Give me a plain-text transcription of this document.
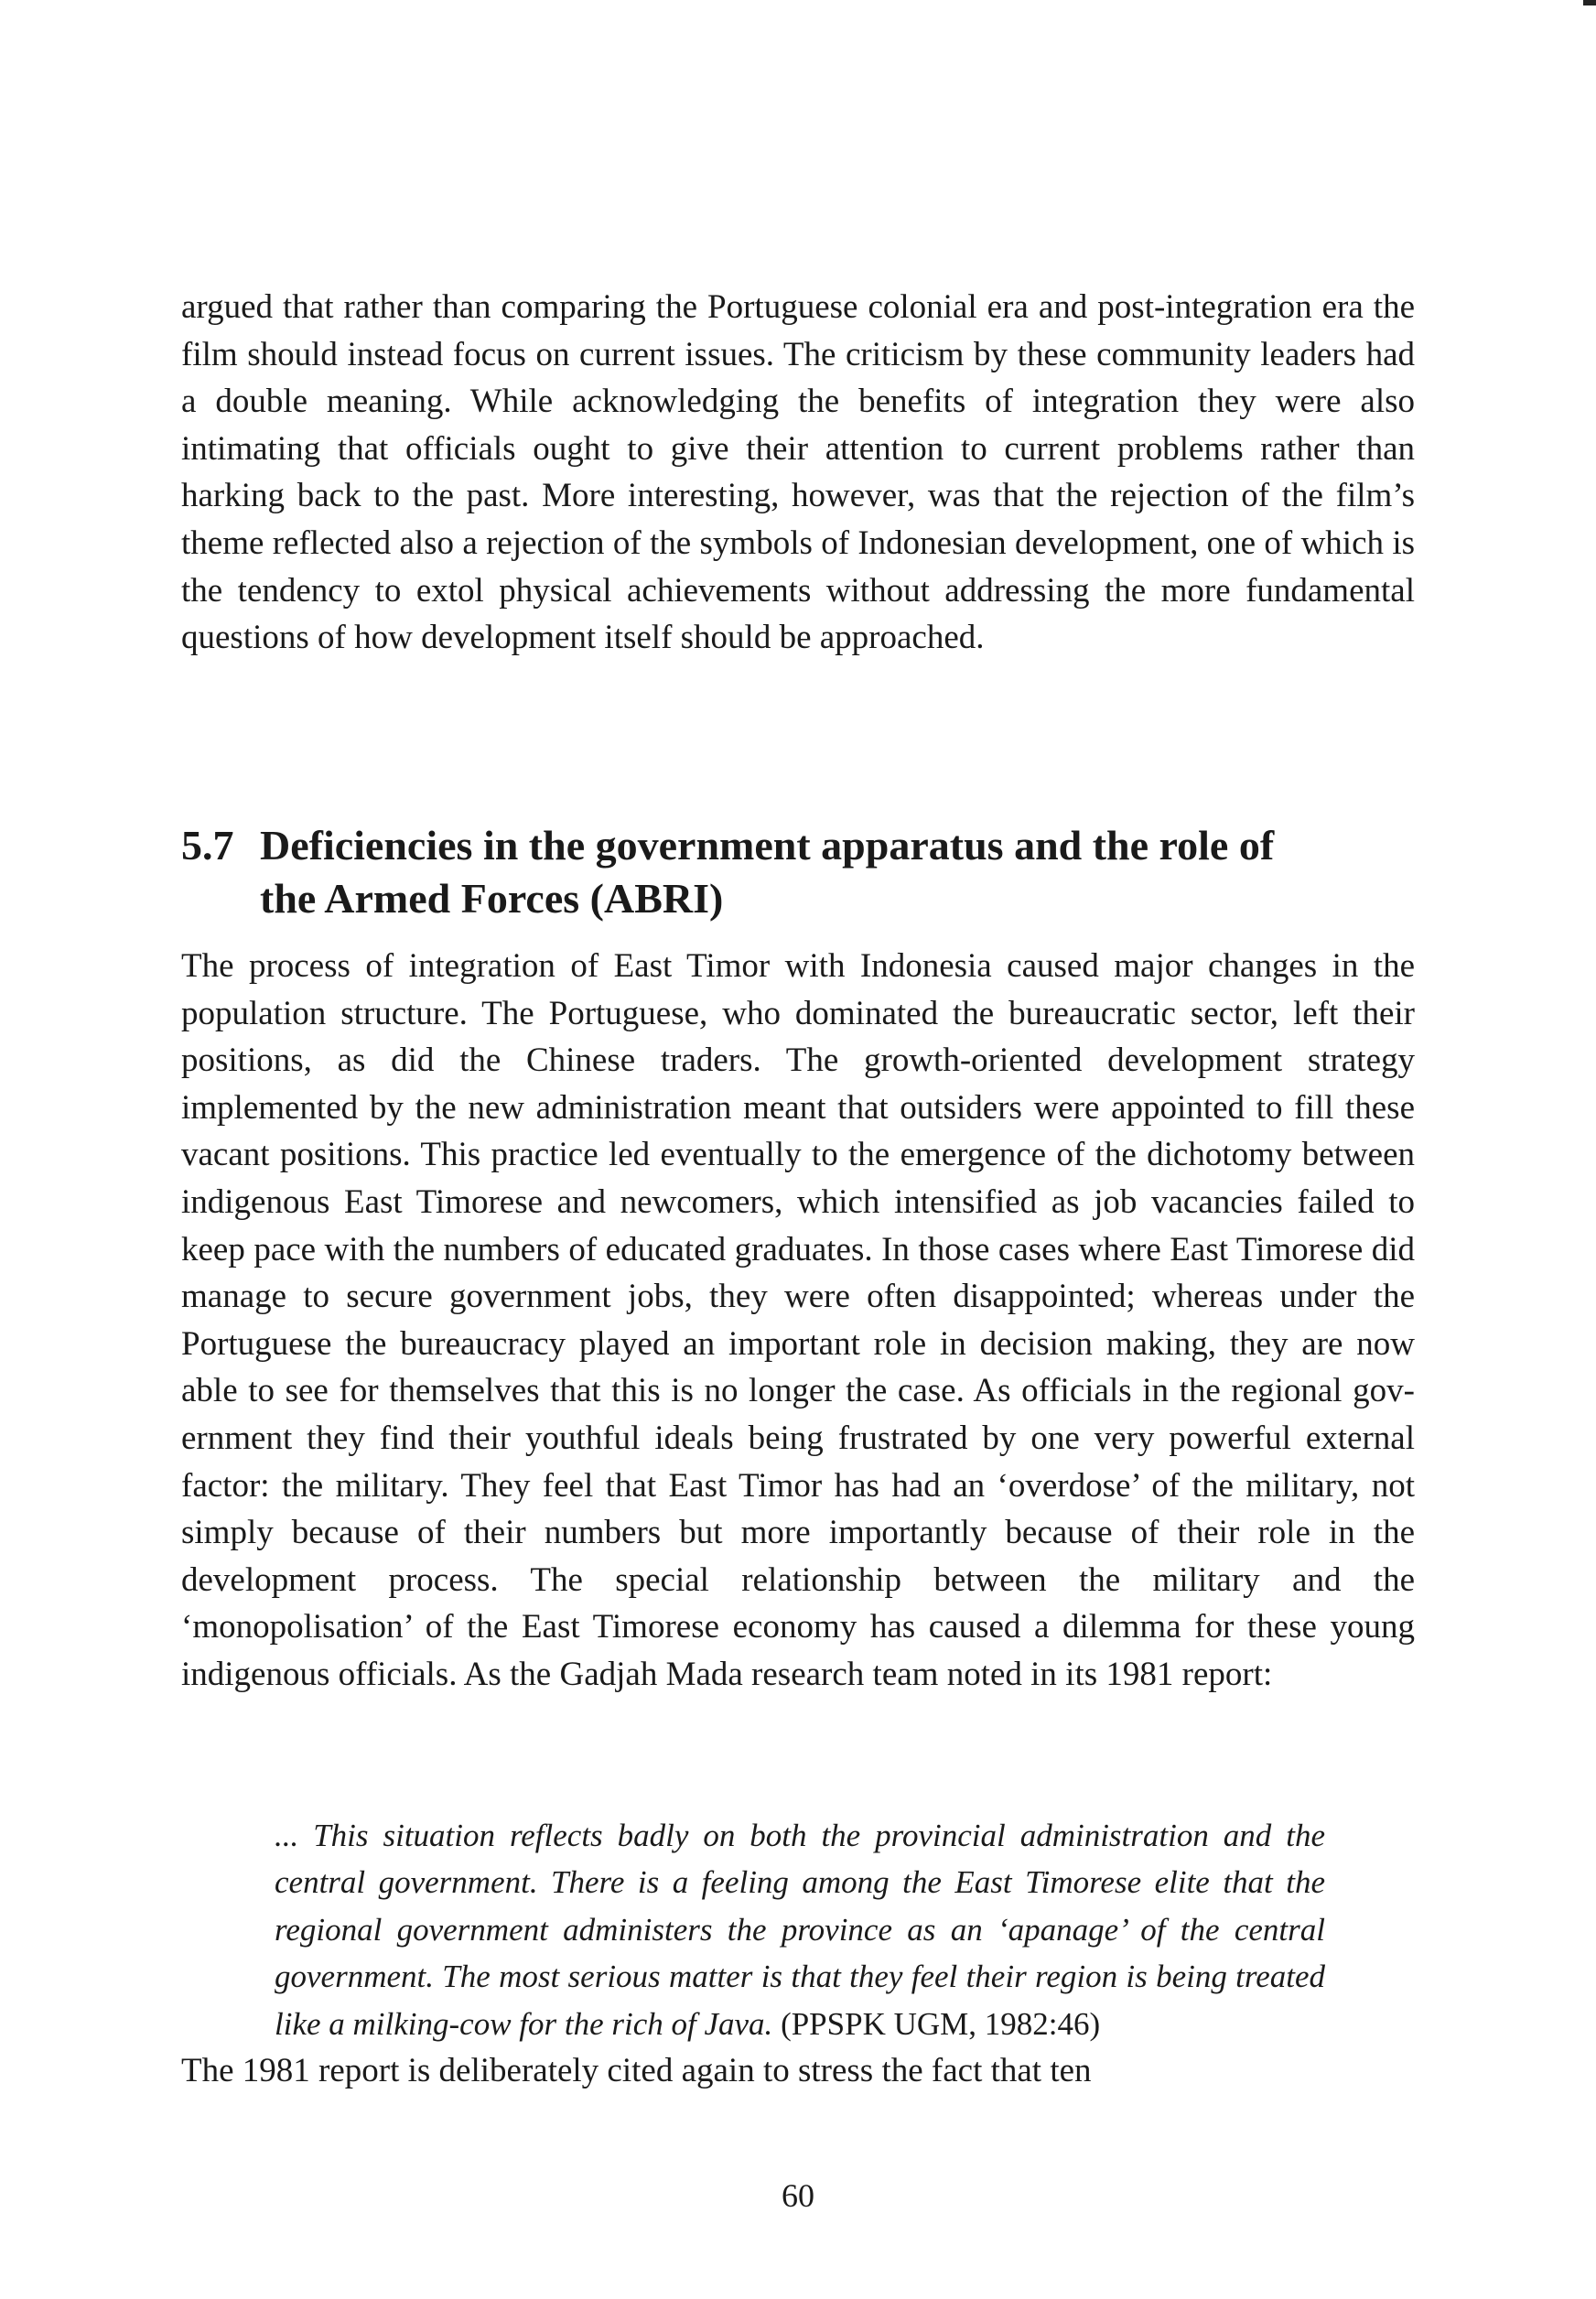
argued that rather than comparing the Portuguese colonial era and post-integration era the film should instead focus on current issues. The criticism by these community leaders had a double meaning. While acknowledging the benefits of integration they were also intimating that officials ought to give their attention to current problems rather than harking back to the past. More interesting, however, was that the rejection of the film’s theme reflected also a rejection of the symbols of Indonesian development, one of which is the tendency to extol physical achievements without addressing the more fundamental questions of how development itself should be approached.

5.7 Deficiencies in the government apparatus and the role of
the Armed Forces (ABRI)

The process of integration of East Timor with Indonesia caused major changes in the population structure. The Portuguese, who dominated the bureaucratic sector, left their positions, as did the Chinese traders. The growth-oriented development strategy implemented by the new administration meant that outsiders were appointed to fill these vacant positions. This practice led eventually to the emergence of the dichotomy between indigenous East Timorese and newcomers, which intensified as job vacancies failed to keep pace with the numbers of educated graduates. In those cases where East Timorese did manage to secure government jobs, they were often disappointed; whereas under the Portuguese the bureaucracy played an important role in decision making, they are now able to see for themselves that this is no longer the case. As officials in the regional government they find their youthful ideals being frustrated by one very powerful external factor: the military. They feel that East Timor has had an ‘overdose’ of the military, not simply because of their numbers but more importantly because of their role in the development process. The special relationship between the military and the ‘monopolisation’ of the East Timorese economy has caused a dilemma for these young indigenous officials. As the Gadjah Mada research team noted in its 1981 report:

... This situation reflects badly on both the provincial administration and the central government. There is a feeling among the East Timorese elite that the regional government administers the province as an ‘apanage’ of the central government. The most serious matter is that they feel their region is being treated like a milking-cow for the rich of Java. (PPSPK UGM, 1982:46)

The 1981 report is deliberately cited again to stress the fact that ten

60
